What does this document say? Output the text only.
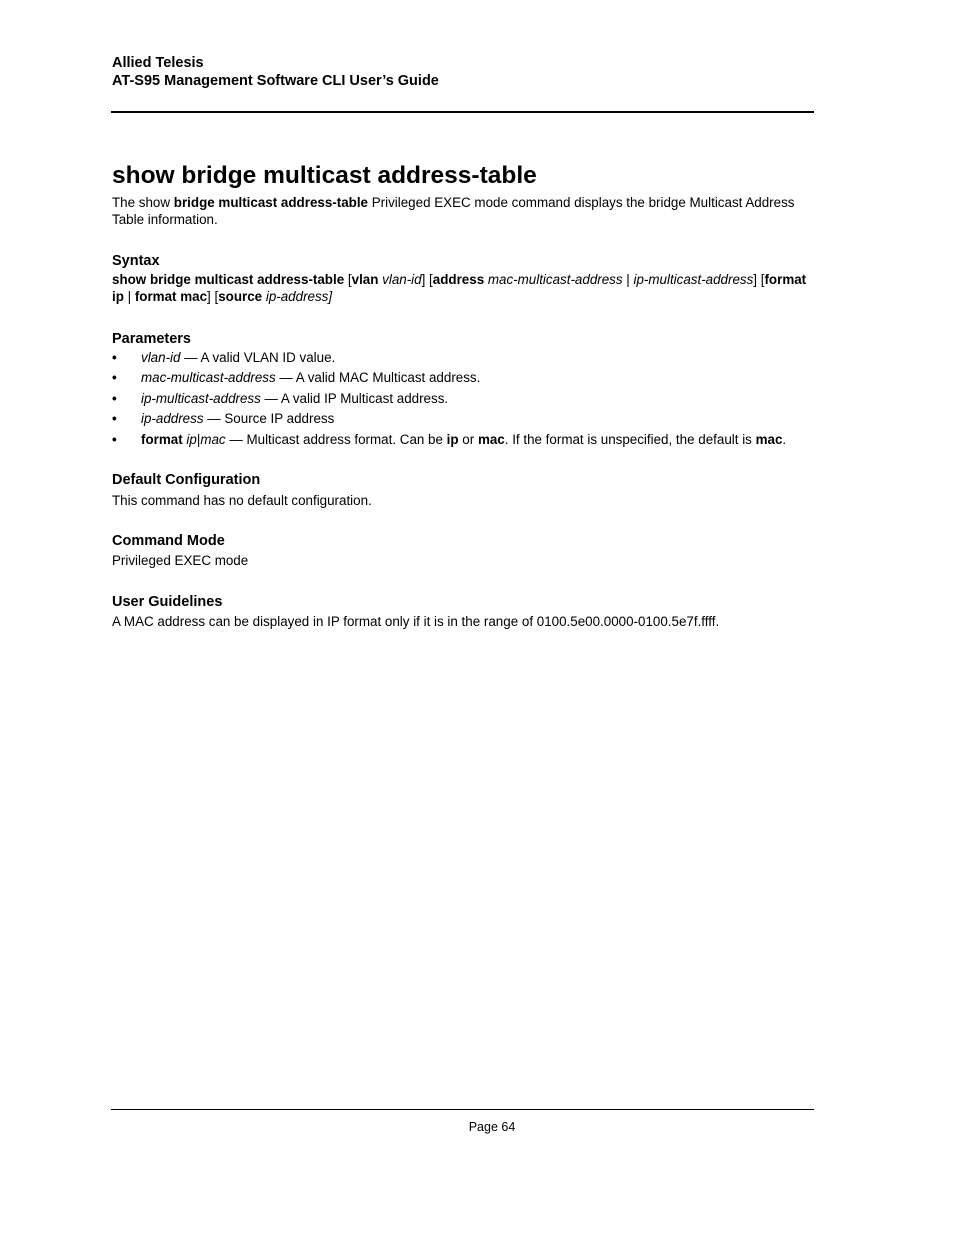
Allied Telesis
AT-S95 Management Software CLI User’s Guide
show bridge multicast address-table

The show bridge multicast address-table Privileged EXEC mode command displays the bridge Multicast Address Table information.

Syntax

show bridge multicast address-table [vlan vlan-id] [address mac-multicast-address | ip-multicast-address] [format ip | format mac] [source ip-address]

Parameters
• vlan-id — A valid VLAN ID value.
• mac-multicast-address — A valid MAC Multicast address.
• ip-multicast-address — A valid IP Multicast address.
• ip-address — Source IP address
• format ip|mac — Multicast address format. Can be ip or mac. If the format is unspecified, the default is mac.
Default Configuration

This command has no default configuration.

Command Mode

Privileged EXEC mode

User Guidelines

A MAC address can be displayed in IP format only if it is in the range of 0100.5e00.0000-0100.5e7f.ffff.

Page 64
